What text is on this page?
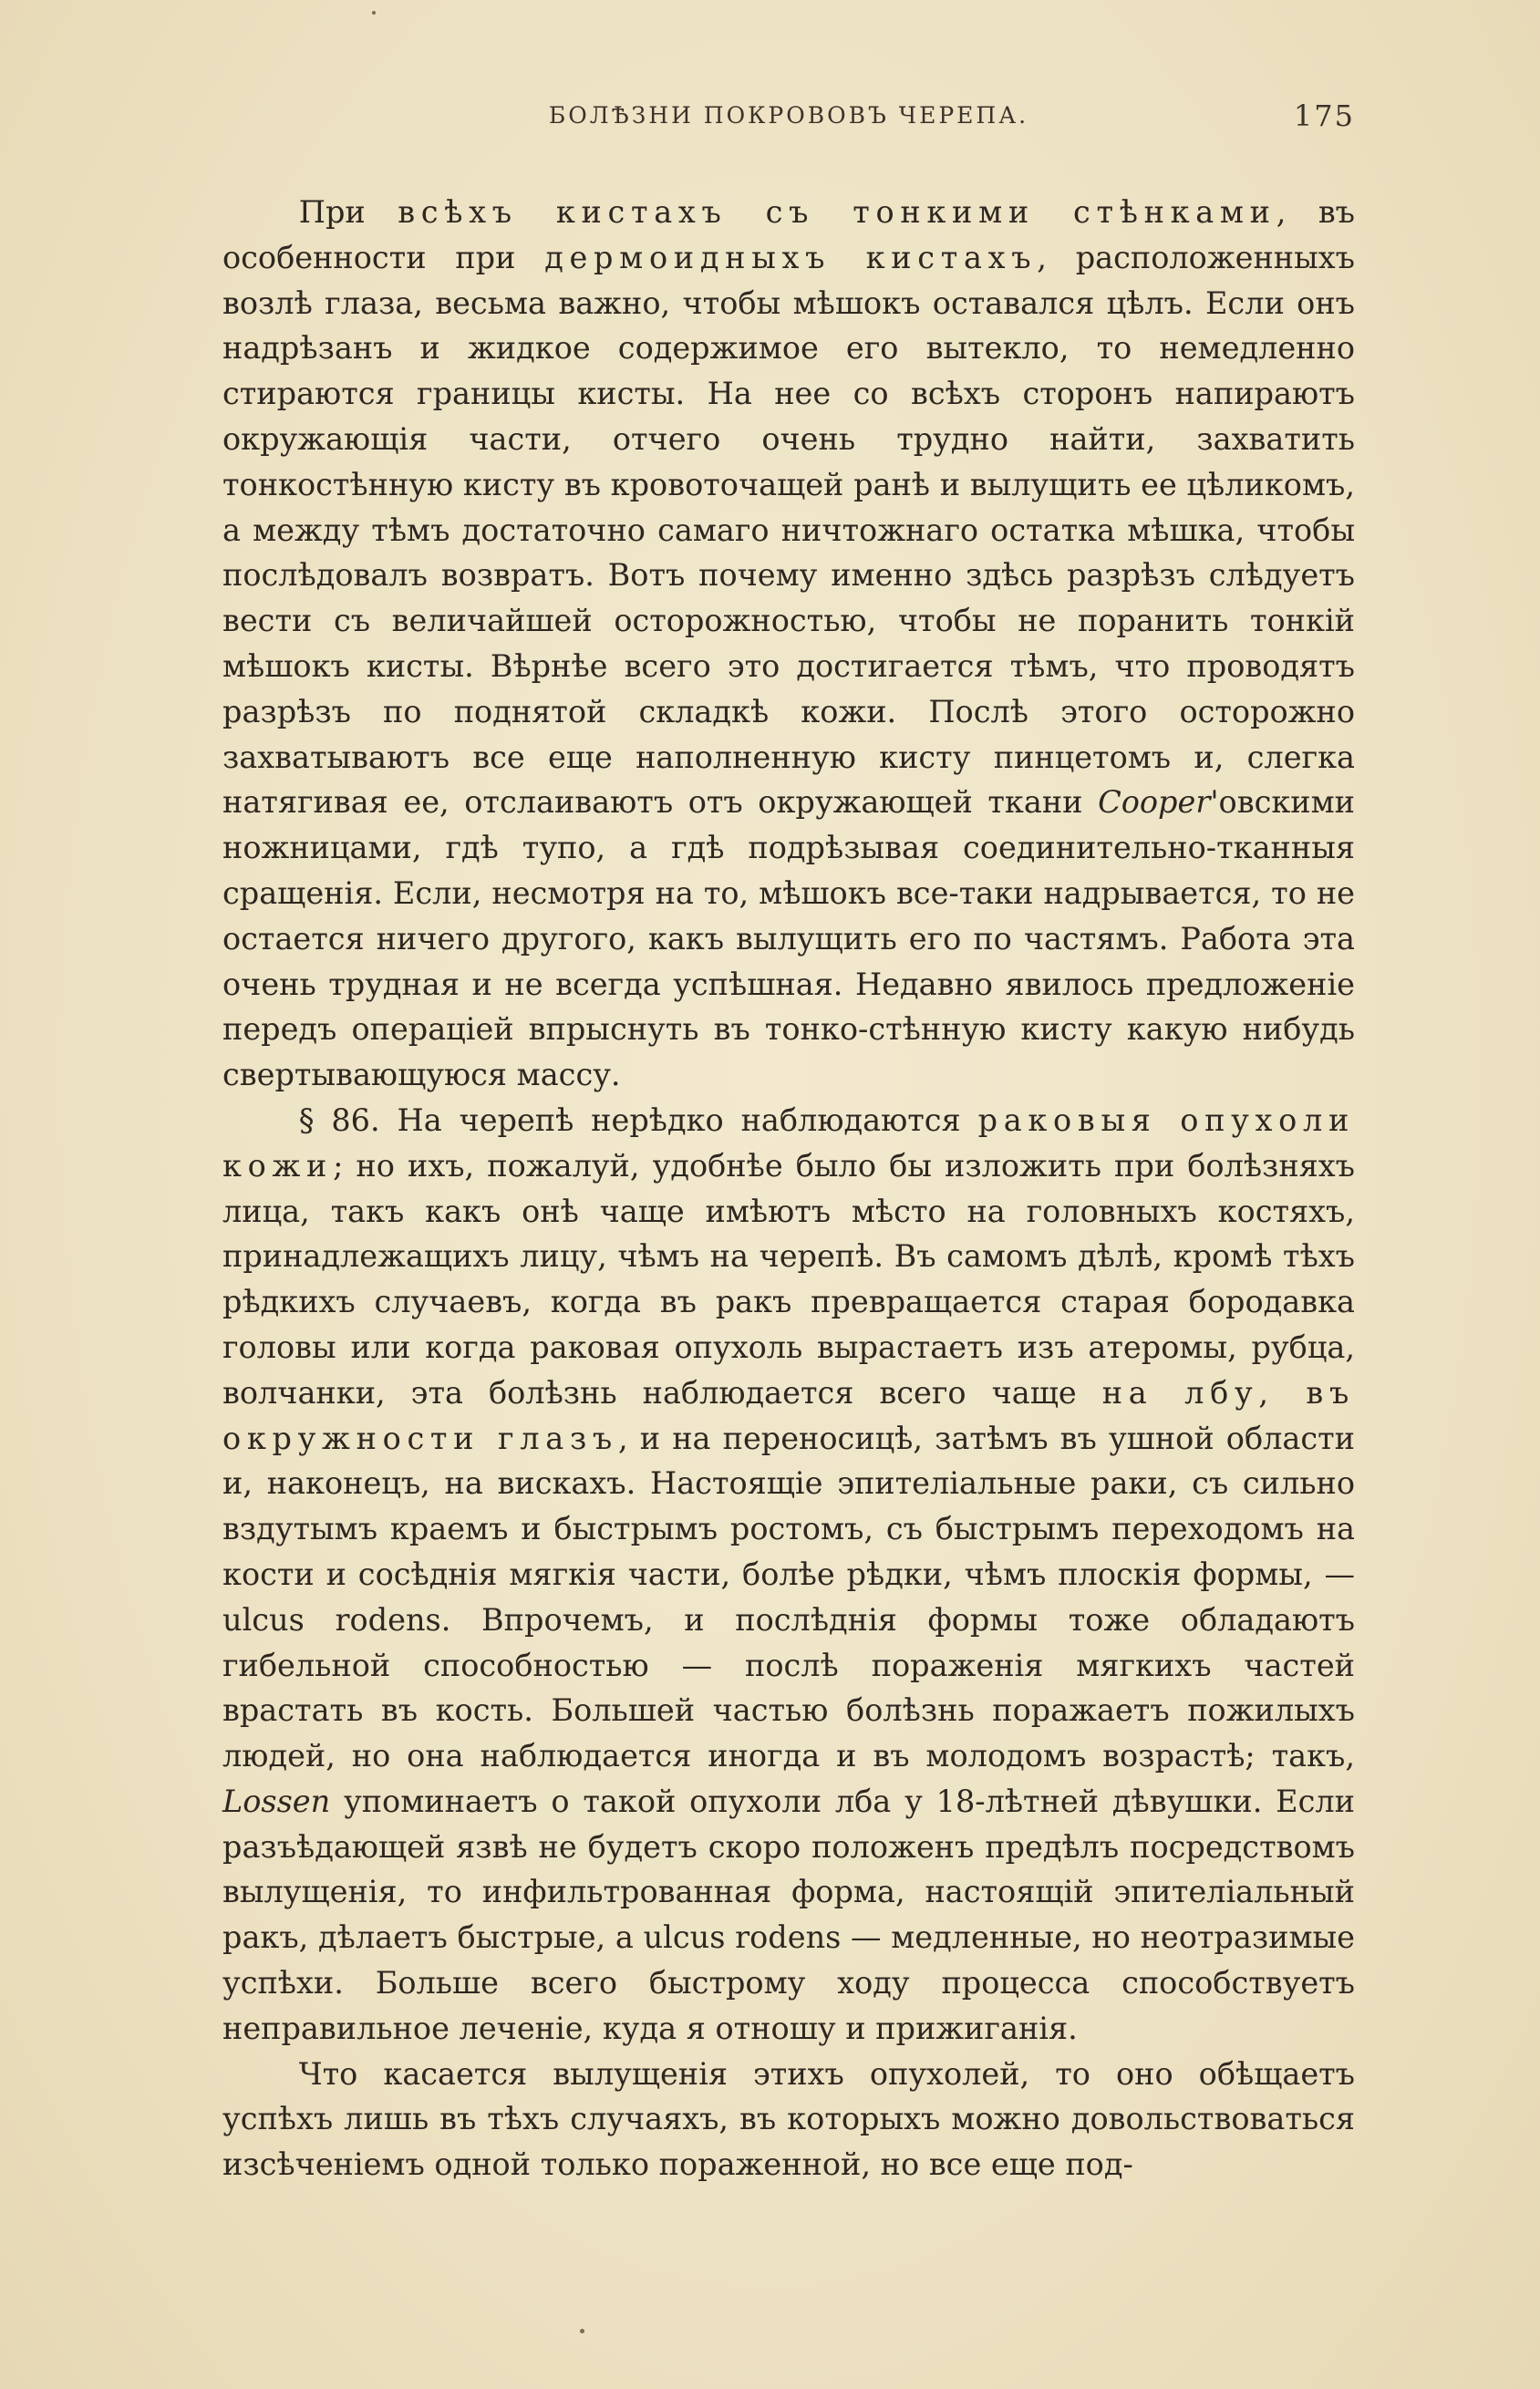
БОЛѢЗНИ ПОКРОВОВЪ ЧЕРЕПА.	175

При всѣхъ кистахъ съ тонкими стѣнками, въ особенности при дермоидныхъ кистахъ, расположенныхъ возлѣ глаза, весьма важно, чтобы мѣшокъ оставался цѣлъ. Если онъ надрѣзанъ и жидкое содержимое его вытекло, то немедленно стираются границы кисты. На нее со всѣхъ сторонъ напираютъ окружающія части, отчего очень трудно найти, захватить тонкостѣнную кисту въ кровоточащей ранѣ и вылущить ее цѣликомъ, а между тѣмъ достаточно самаго ничтожнаго остатка мѣшка, чтобы послѣдовалъ возвратъ. Вотъ почему именно здѣсь разрѣзъ слѣдуетъ вести съ величайшей осторожностью, чтобы не поранить тонкій мѣшокъ кисты. Вѣрнѣе всего это достигается тѣмъ, что проводятъ разрѣзъ по поднятой складкѣ кожи. Послѣ этого осторожно захватываютъ все еще наполненную кисту пинцетомъ и, слегка натягивая ее, отслаиваютъ отъ окружающей ткани Cooper'овскими ножницами, гдѣ тупо, а гдѣ подрѣзывая соединительно-тканныя сращенія. Если, несмотря на то, мѣшокъ все-таки надрывается, то не остается ничего другого, какъ вылущить его по частямъ. Работа эта очень трудная и не всегда успѣшная. Недавно явилось предложеніе передъ операціей впрыснуть въ тонко-стѣнную кисту какую нибудь свертывающуюся массу.

§ 86. На черепѣ нерѣдко наблюдаются раковыя опухоли кожи; но ихъ, пожалуй, удобнѣе было бы изложить при болѣзняхъ лица, такъ какъ онѣ чаще имѣютъ мѣсто на головныхъ костяхъ, принадлежащихъ лицу, чѣмъ на черепѣ. Въ самомъ дѣлѣ, кромѣ тѣхъ рѣдкихъ случаевъ, когда въ ракъ превращается старая бородавка головы или когда раковая опухоль вырастаетъ изъ атеромы, рубца, волчанки, эта болѣзнь наблюдается всего чаще на лбу, въ окружности глазъ, и на переносицѣ, затѣмъ въ ушной области и, наконецъ, на вискахъ. Настоящіе эпителіальные раки, съ сильно вздутымъ краемъ и быстрымъ ростомъ, съ быстрымъ переходомъ на кости и сосѣднія мягкія части, болѣе рѣдки, чѣмъ плоскія формы, — ulcus rodens. Впрочемъ, и послѣднія формы тоже обладаютъ гибельной способностью — послѣ пораженія мягкихъ частей врастать въ кость. Большей частью болѣзнь поражаетъ пожилыхъ людей, но она наблюдается иногда и въ молодомъ возрастѣ; такъ, Lossen упоминаетъ о такой опухоли лба у 18-лѣтней дѣвушки. Если разъѣдающей язвѣ не будетъ скоро положенъ предѣлъ посредствомъ вылущенія, то инфильтрованная форма, настоящій эпителіальный ракъ, дѣлаетъ быстрые, а ulcus rodens — медленные, но неотразимые успѣхи. Больше всего быстрому ходу процесса способствуетъ неправильное леченіе, куда я отношу и прижиганія.

Что касается вылущенія этихъ опухолей, то оно обѣщаетъ успѣхъ лишь въ тѣхъ случаяхъ, въ которыхъ можно довольствоваться изсѣченіемъ одной только пораженной, но все еще под-
